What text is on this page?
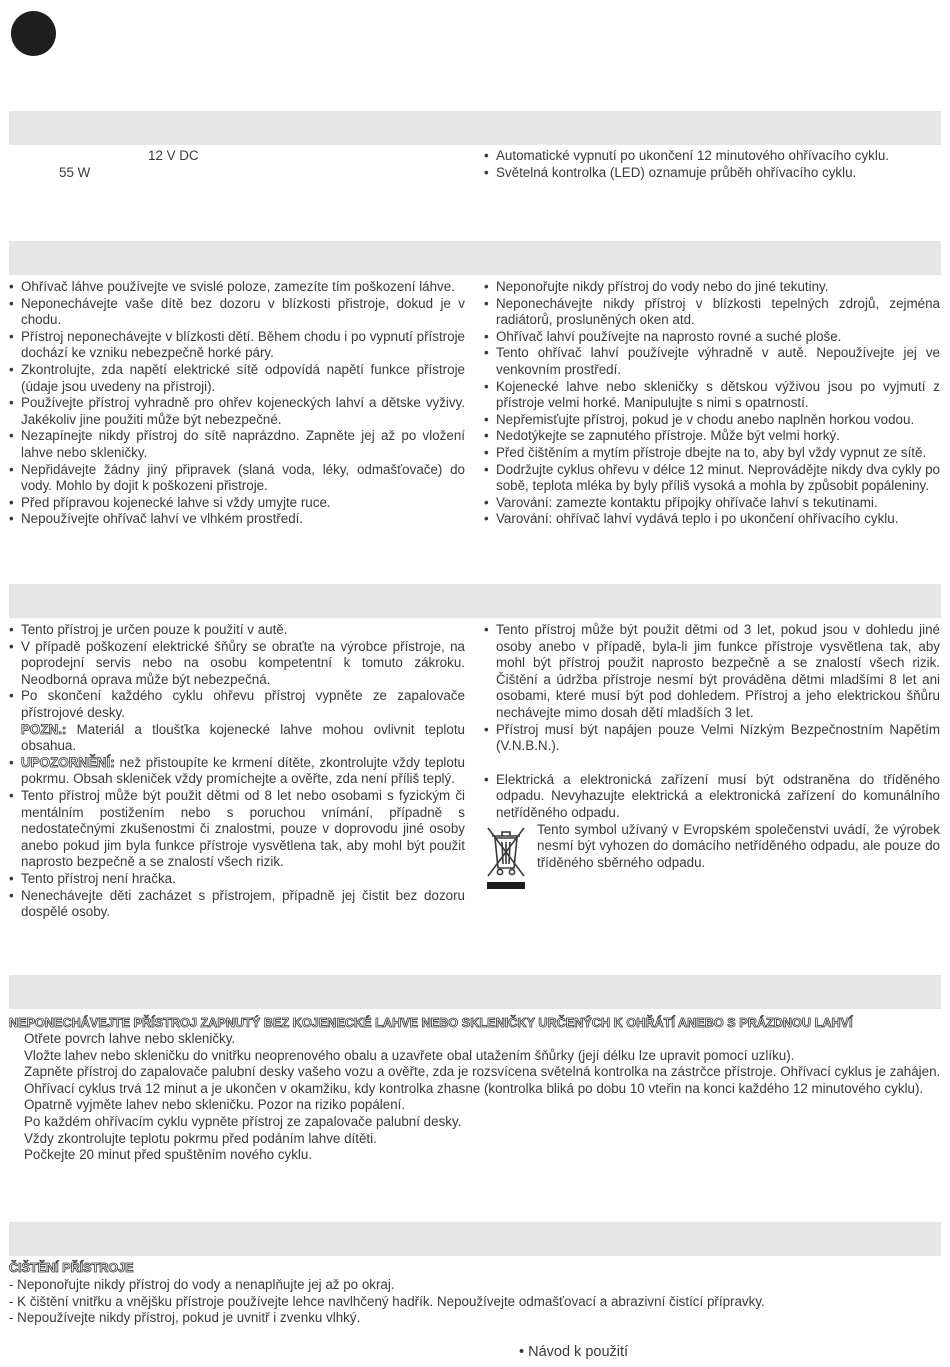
12 V DC
55 W
• Automatické vypnutí po ukončení 12 minutového ohřívacího cyklu.
• Světelná kontrolka (LED) oznamuje průběh ohřívacího cyklu.
• Ohřívač láhve používejte ve svislé poloze, zamezíte tím poškození láhve.
• Neponechávejte vaše dítě bez dozoru v blízkosti přistroje, dokud je v chodu.
• Přístroj neponechávejte v blízkosti dětí. Během chodu i po vypnutí přístroje dochází ke vzniku nebezpečně horké páry.
• Zkontrolujte, zda napětí elektrické sítě odpovídá napětí funkce přístroje (údaje jsou uvedeny na přístroji).
• Používejte přístroj vyhradně pro ohřev kojeneckých lahví a dětske vyživy. Jakékoliv jine použiti může být nebezpečné.
• Nezapínejte nikdy přístroj do sítě naprázdno. Zapněte jej až po vložení lahve nebo skleničky.
• Nepřidávejte žádny jiný připravek (slaná voda, léky, odmašťovače) do vody. Mohlo by dojit k poškozeni přistroje.
• Před přípravou kojenecké lahve si vždy umyjte ruce.
• Nepoužívejte ohřívač lahví ve vlhkém prostředí.
• Neponořujte nikdy přístroj do vody nebo do jiné tekutiny.
• Neponechávejte nikdy přístroj v blízkosti tepelných zdrojů, zejména radiátorů, prosluněných oken atd.
• Ohřívač lahví používejte na naprosto rovné a suché ploše.
• Tento ohřívač lahví používejte výhradně v autě. Nepoužívejte jej ve venkovním prostředí.
• Kojenecké lahve nebo skleničky s dětskou výživou jsou po vyjmutí z přístroje velmi horké. Manipulujte s nimi s opatrností.
• Nepřemisťujte přístroj, pokud je v chodu anebo naplněn horkou vodou.
• Nedotýkejte se zapnutého přístroje. Může být velmi horký.
• Před čištěním a mytím přístroje dbejte na to, aby byl vždy vypnut ze sítě.
• Dodržujte cyklus ohřevu v délce 12 minut. Neprovádějte nikdy dva cykly po sobě, teplota mléka by byly příliš vysoká a mohla by způsobit popáleniny.
• Varování: zamezte kontaktu přípojky ohřívače lahví s tekutinami.
• Varování: ohřívač lahví vydává teplo i po ukončení ohřívacího cyklu.
• Tento přístroj je určen pouze k použití v autě.
• V případě poškození elektrické šňůry se obraťte na výrobce přístroje, na poprodejní servis nebo na osobu kompetentní k tomuto zákroku. Neodborná oprava může být nebezpečná.
• Po skončení každého cyklu ohřevu přístroj vypněte ze zapalovače přístrojové desky.
POZN.: Materiál a tloušťka kojenecké lahve mohou ovlivnit teplotu obsahua.
• UPOZORNĚNÍ: než přistoupíte ke krmení dítěte, zkontrolujte vždy teplotu pokrmu. Obsah skleniček vždy promíchejte a ověřte, zda není příliš teplý.
• Tento přístroj může být použit dětmi od 8 let nebo osobami s fyzickým či mentálním postižením nebo s poruchou vnímání, případně s nedostatečnými zkušenostmi či znalostmi, pouze v doprovodu jiné osoby anebo pokud jim byla funkce přístroje vysvětlena tak, aby mohl být použit naprosto bezpečně a se znalostí všech rizik.
• Tento přístroj není hračka.
• Nenechávejte děti zacházet s přístrojem, případně jej čistit bez dozoru dospělé osoby.
• Tento přístroj může být použit dětmi od 3 let, pokud jsou v dohledu jiné osoby anebo v případě, byla-li jim funkce přístroje vysvětlena tak, aby mohl být přístroj použit naprosto bezpečně a se znalostí všech rizik. Čištění a údržba přístroje nesmí být prováděna dětmi mladšími 8 let ani osobami, které musí být pod dohledem. Přístroj a jeho elektrickou šňůru nechávejte mimo dosah dětí mladších 3 let.
• Přístroj musí být napájen pouze Velmi Nízkým Bezpečnostním Napětím (V.N.B.N.).
• Elektrická a elektronická zařízení musí být odstraněna do tříděného odpadu. Nevyhazujte elektrická a elektronická zařízení do komunálního netříděného odpadu.
Tento symbol užívaný v Evropském společenstvi uvádí, že výrobek nesmí být vyhozen do domácího netříděného odpadu, ale pouze do tříděného sběrného odpadu.
NEPONECHÁVEJTE PŘÍSTROJ ZAPNUTÝ BEZ KOJENECKÉ LAHVE NEBO SKLENIČKY URČENÝCH K OHŘÁTÍ ANEBO S PRÁZDNOU LAHVÍ
Otřete povrch lahve nebo skleničky.
Vložte lahev nebo skleničku do vnitřku neoprenového obalu a uzavřete obal utažením šňůrky (její délku lze upravit pomocí uzlíku).
Zapněte přístroj do zapalovače palubní desky vašeho vozu a ověřte, zda je rozsvícena světelná kontrolka na zástrčce přístroje. Ohřívací cyklus je zahájen.
Ohřívací cyklus trvá 12 minut a je ukončen v okamžiku, kdy kontrolka zhasne (kontrolka bliká po dobu 10 vteřin na konci každého 12 minutového cyklu).
Opatrně vyjměte lahev nebo skleničku. Pozor na riziko popálení.
Po každém ohřívacím cyklu vypněte přístroj ze zapalovače palubní desky.
Vždy zkontrolujte teplotu pokrmu před podáním lahve dítěti.
Počkejte 20 minut před spuštěním nového cyklu.
ČIŠTĚNÍ PŘÍSTROJE
- Neponořujte nikdy přístroj do vody a nenaplňujte jej až po okraj.
- K čištění vnitřku a vnějšku přístroje používejte lehce navlhčený hadřík. Nepoužívejte odmašťovací a abrazivní čistící přípravky.
- Nepoužívejte nikdy přístroj, pokud je uvnitř i zvenku vlhký.
• Návod k použití
